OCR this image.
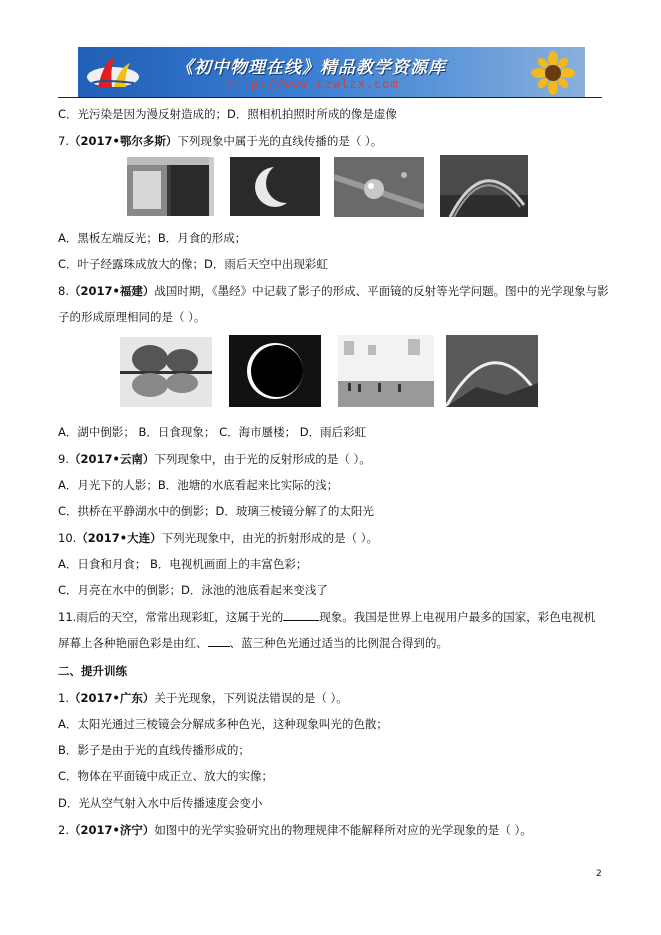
《初中物理在线》精品教学资源库
http://www.czwlzx.com
C．光污染是因为漫反射造成的；D．照相机拍照时所成的像是虚像
7.（2017•鄂尔多斯）下列现象中属于光的直线传播的是（ ）。
A．黑板左端反光；B．月食的形成；
C．叶子经露珠成放大的像；D．雨后天空中出现彩虹
8.（2017•福建）战国时期，《墨经》中记载了影子的形成、平面镜的反射等光学问题。图中的光学现象与影
子的形成原理相同的是（ ）。
A．湖中倒影； B．日食现象； C．海市蜃楼； D．雨后彩虹
9.（2017•云南）下列现象中，由于光的反射形成的是（ ）。
A．月光下的人影；B．池塘的水底看起来比实际的浅；
C．拱桥在平静湖水中的倒影；D．玻璃三棱镜分解了的太阳光
10.（2017•大连）下列光现象中，由光的折射形成的是（ ）。
A．日食和月食； B．电视机画面上的丰富色彩；
C．月亮在水中的倒影；D．泳池的池底看起来变浅了
11.雨后的天空，常常出现彩虹，这属于光的	现象。我国是世界上电视用户最多的国家，彩色电视机
屏幕上各种艳丽色彩是由红、 、蓝三种色光通过适当的比例混合得到的。
二、提升训练
1.（2017•广东）关于光现象，下列说法错误的是（ ）。
A．太阳光通过三棱镜会分解成多种色光，这种现象叫光的色散；
B．影子是由于光的直线传播形成的；
C．物体在平面镜中成正立、放大的实像；
D．光从空气射入水中后传播速度会变小
2.（2017•济宁）如图中的光学实验研究出的物理规律不能解释所对应的光学现象的是（ ）。
2
